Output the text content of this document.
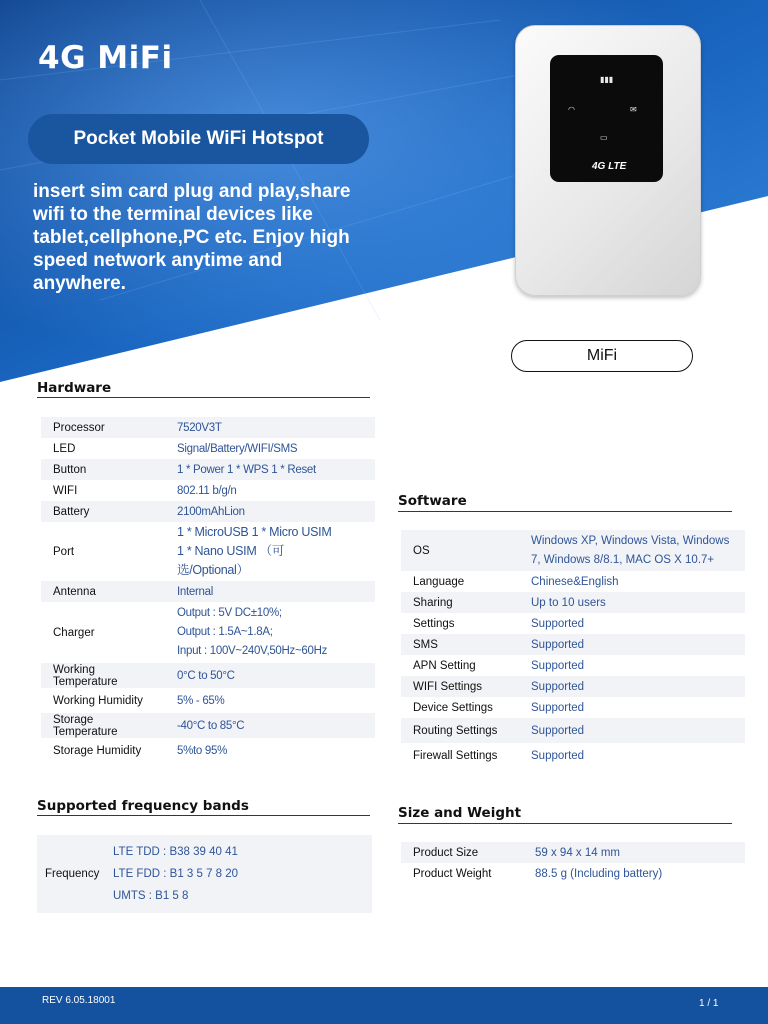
4G MiFi
Pocket Mobile WiFi Hotspot
insert sim card plug and play,share wifi to the terminal devices like tablet,cellphone,PC etc. Enjoy high speed network anytime and anywhere.
▮▮▮
◠	✉
▭
4G LTE
MiFi
Hardware
Processor	7520V3T
LED	Signal/Battery/WIFI/SMS
Button	1 * Power 1 * WPS 1 * Reset
WIFI	802.11 b/g/n
Battery	2100mAhLion
Port	1 * MicroUSB 1 * Micro USIM
1 * Nano USIM （可
选/Optional）

Antenna	Internal
Charger	Output : 5V DC±10%;
Output : 1.5A~1.8A;
Input : 100V~240V,50Hz~60Hz

Working Temperature	0°C to 50°C
Working Humidity	5% - 65%
Storage Temperature	-40°C to 85°C
Storage Humidity	5%to 95%
Software
OS	Windows XP, Windows Vista, Windows
7, Windows 8/8.1, MAC OS X 10.7+

Language	Chinese&English
Sharing	Up to 10 users
Settings	Supported
SMS	Supported
APN Setting	Supported
WIFI Settings	Supported
Device Settings	Supported
Routing Settings	Supported
Firewall Settings	Supported
Supported frequency bands
Frequency	
LTE TDD : B38 39 40 41
LTE FDD : B1 3 5 7 8 20
UMTS : B1 5 8
Size and Weight
Product Size	59 x 94 x 14 mm
Product Weight	88.5 g (Including battery)
REV 6.05.18001	1 / 1
